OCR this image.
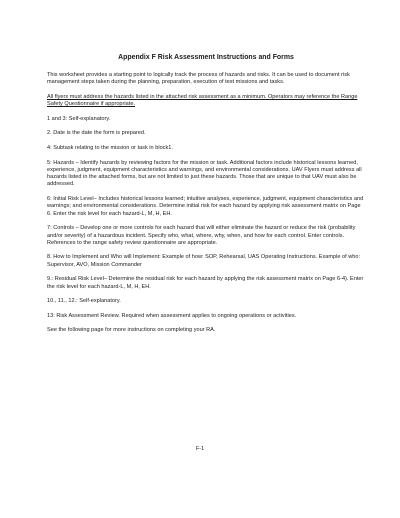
Appendix F Risk Assessment Instructions and Forms

This worksheet provides a starting point to logically track the process of hazards and risks. It can be used to document risk management steps taken during the planning, preparation, execution of test missions and tasks.

All flyers must address the hazards listed in the attached risk assessment as a minimum. Operators may reference the Range Safety Questionnaire if appropriate.

1 and 3: Self-explanatory.

2. Date is the date the form is prepared.

4: Subtask relating to the mission or task in block1.

5: Hazards – Identify hazards by reviewing factors for the mission or task. Additional factors include historical lessons learned, experience, judgment, equipment characteristics and warnings, and environmental considerations. UAV Flyers must address all hazards listed in the attached forms, but are not limited to just these hazards. Those that are unique to that UAV must also be addressed.

6: Initial Risk Level– Includes historical lessons learned; intuitive analyses, experience, judgment, equipment characteristics and warnings; and environmental considerations. Determine initial risk for each hazard by applying risk assessment matrix on Page 6. Enter the risk level for each hazard-L, M, H, EH.

7: Controls – Develop one or more controls for each hazard that will either eliminate the hazard or reduce the risk (probability and/or severity) of a hazardous incident. Specify who, what, where, why, when, and how for each control. Enter controls. References to the range safety review questionnaire are appropriate.

8. How to Implement and Who will Implement: Example of how: SOP, Rehearsal, UAS Operating Instructions. Example of who: Supervisor, AVO, Mission Commander

9.: Residual Risk Level– Determine the residual risk for each hazard by applying the risk assessment matrix on Page 6-4). Enter the risk level for each hazard-L, M, H, EH.

10., 11., 12.: Self-explanatory.

13: Risk Assessment Review. Required when assessment applies to ongoing operations or activities.

See the following page for more instructions on completing your RA.

F-1
